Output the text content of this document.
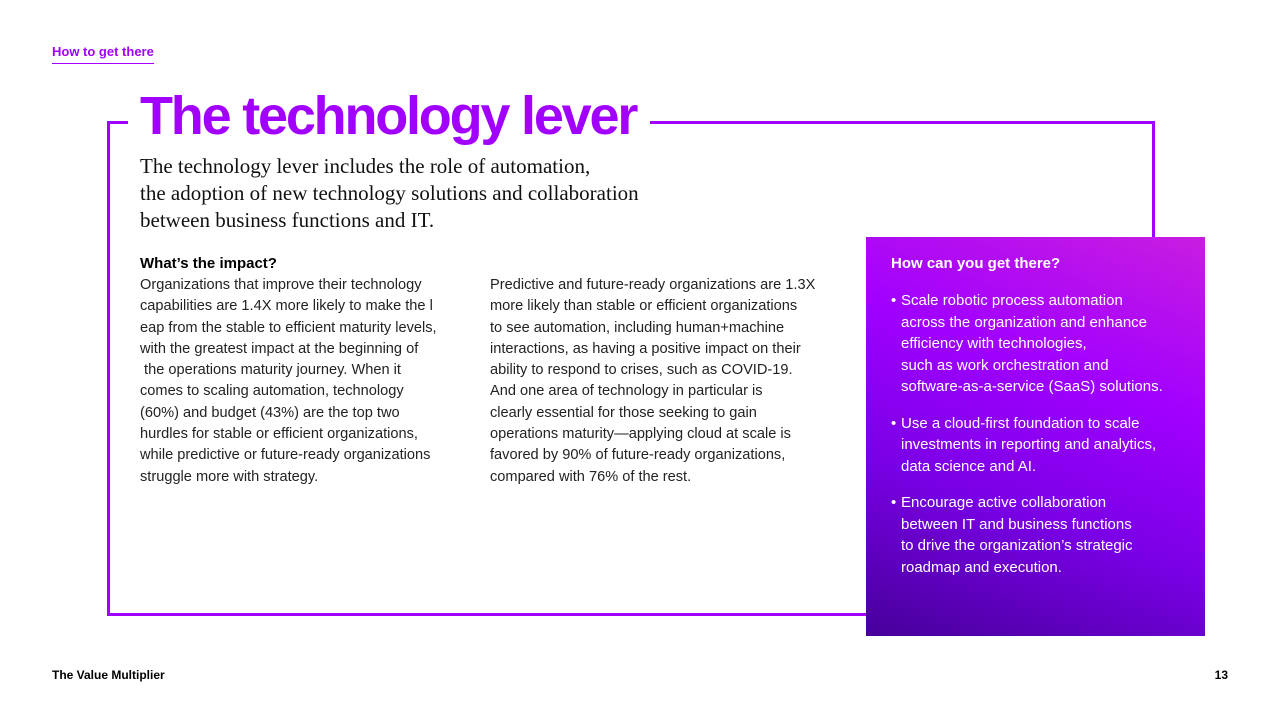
How to get there
The technology lever

The technology lever includes the role of automation,
the adoption of new technology solutions and collaboration
between business functions and IT.

What’s the impact?
Organizations that improve their technology
capabilities are 1.4X more likely to make the l
eap from the stable to efficient maturity levels,
with the greatest impact at the beginning of
the operations maturity journey. When it
comes to scaling automation, technology
(60%) and budget (43%) are the top two
hurdles for stable or efficient organizations,
while predictive or future-ready organizations
struggle more with strategy.
Predictive and future-ready organizations are 1.3X
more likely than stable or efficient organizations
to see automation, including human+machine
interactions, as having a positive impact on their
ability to respond to crises, such as COVID-19.
And one area of technology in particular is
clearly essential for those seeking to gain
operations maturity—applying cloud at scale is
favored by 90% of future-ready organizations,
compared with 76% of the rest.
How can you get there?
• Scale robotic process automation
across the organization and enhance
efficiency with technologies,
such as work orchestration and
software-as-a-service (SaaS) solutions.
• Use a cloud-first foundation to scale
investments in reporting and analytics,
data science and AI.
• Encourage active collaboration
between IT and business functions
to drive the organization’s strategic
roadmap and execution.
The Value Multiplier	13
